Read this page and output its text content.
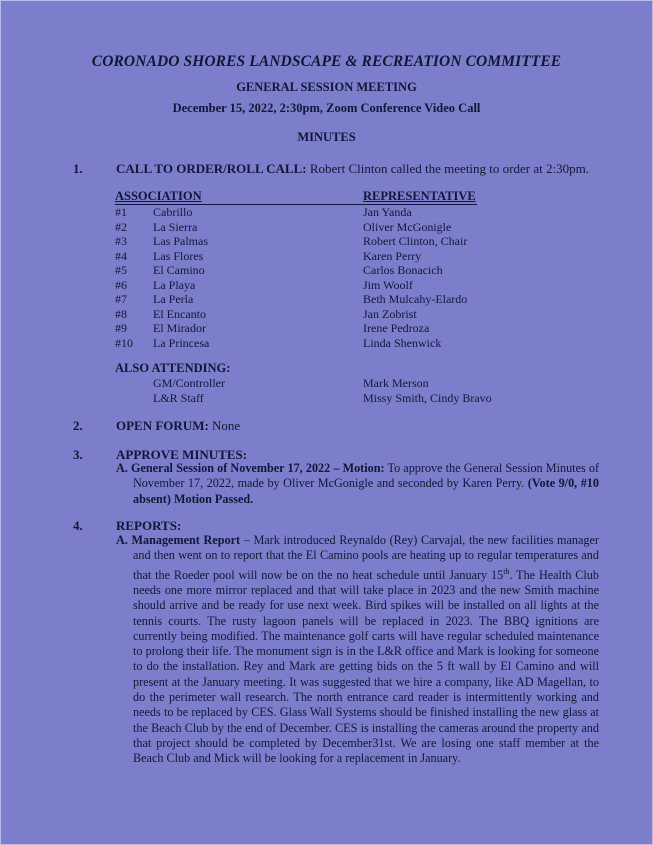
CORONADO SHORES LANDSCAPE & RECREATION COMMITTEE
GENERAL SESSION MEETING
December 15, 2022, 2:30pm, Zoom Conference Video Call
MINUTES
1.	CALL TO ORDER/ROLL CALL: Robert Clinton called the meeting to order at 2:30pm.
ASSOCIATION	REPRESENTATIVE
#1 Cabrillo	Jan Yanda
#2 La Sierra	Oliver McGonigle
#3 Las Palmas	Robert Clinton, Chair
#4 Las Flores	Karen Perry
#5 El Camino	Carlos Bonacich
#6 La Playa	Jim Woolf
#7 La Perla	Beth Mulcahy-Elardo
#8 El Encanto	Jan Zobrist
#9 El Mirador	Irene Pedroza
#10 La Princesa	Linda Shenwick
ALSO ATTENDING:
GM/Controller	Mark Merson
L&R Staff	Missy Smith, Cindy Bravo
2.	OPEN FORUM: None
3.	APPROVE MINUTES:
A. General Session of November 17, 2022 – Motion: To approve the General Session Minutes of November 17, 2022, made by Oliver McGonigle and seconded by Karen Perry. (Vote 9/0, #10 absent) Motion Passed.
4.	REPORTS:
A. Management Report – Mark introduced Reynaldo (Rey) Carvajal, the new facilities manager and then went on to report that the El Camino pools are heating up to regular temperatures and that the Roeder pool will now be on the no heat schedule until January 15th. The Health Club needs one more mirror replaced and that will take place in 2023 and the new Smith machine should arrive and be ready for use next week. Bird spikes will be installed on all lights at the tennis courts. The rusty lagoon panels will be replaced in 2023. The BBQ ignitions are currently being modified. The maintenance golf carts will have regular scheduled maintenance to prolong their life. The monument sign is in the L&R office and Mark is looking for someone to do the installation. Rey and Mark are getting bids on the 5 ft wall by El Camino and will present at the January meeting. It was suggested that we hire a company, like AD Magellan, to do the perimeter wall research. The north entrance card reader is intermittently working and needs to be replaced by CES. Glass Wall Systems should be finished installing the new glass at the Beach Club by the end of December. CES is installing the cameras around the property and that project should be completed by December31st. We are losing one staff member at the Beach Club and Mick will be looking for a replacement in January.
